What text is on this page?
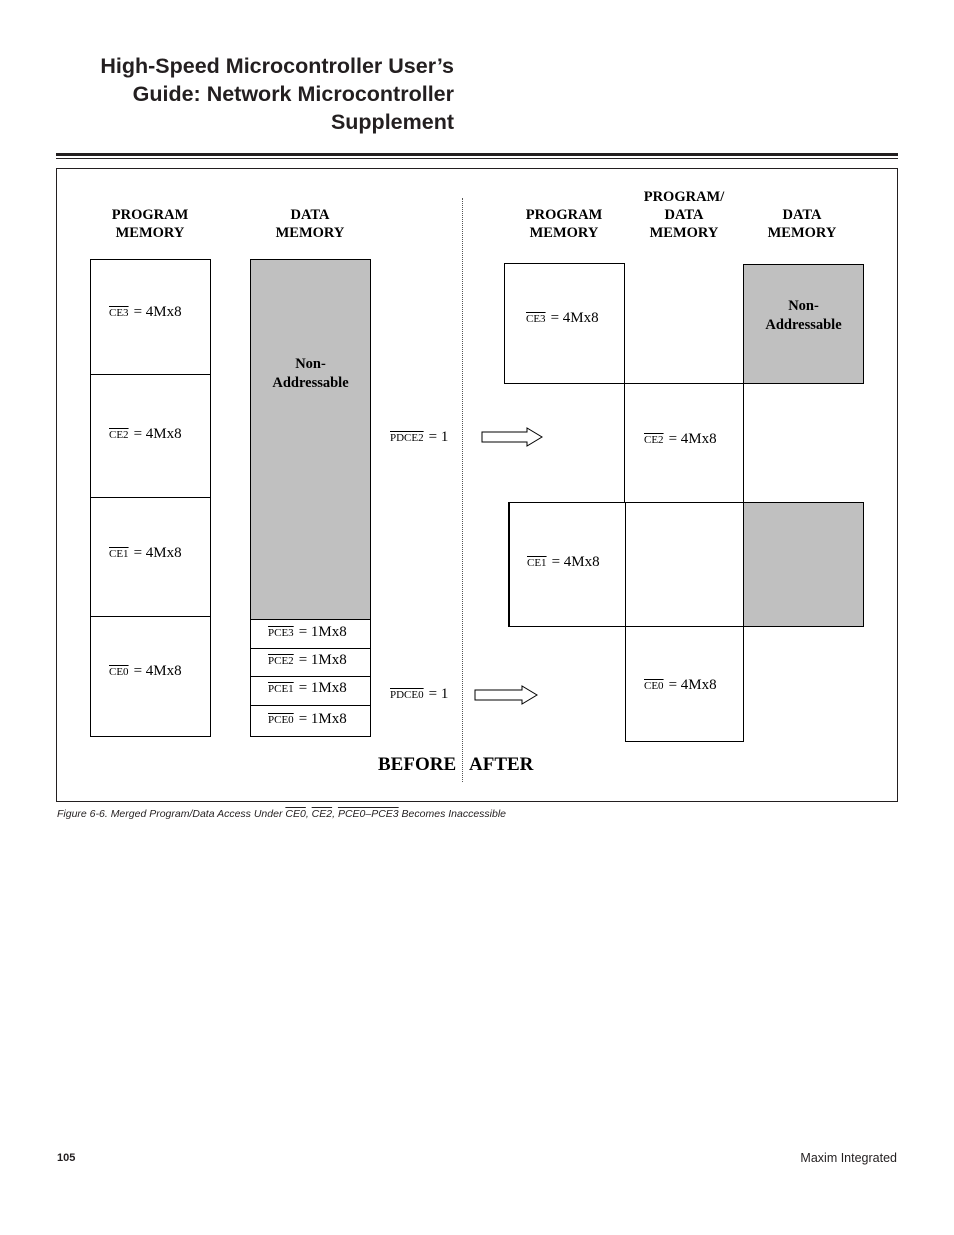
High-Speed Microcontroller User’s
Guide: Network Microcontroller
Supplement
PROGRAM
MEMORY
DATA
MEMORY
CE3 = 4Mx8
CE2 = 4Mx8
CE1 = 4Mx8
CE0 = 4Mx8
Non-
Addressable
PCE3 = 1Mx8
PCE2 = 1Mx8
PCE1 = 1Mx8
PCE0 = 1Mx8
PDCE2 = 1
PDCE0 = 1
PROGRAM
MEMORY
PROGRAM/
DATA
MEMORY
DATA
MEMORY
CE3 = 4Mx8
CE1 = 4Mx8
CE2 = 4Mx8
CE0 = 4Mx8
Non-
Addressable
BEFORE AFTER
Figure 6-6. Merged Program/Data Access Under CE0, CE2, PCE0–PCE3 Becomes Inaccessible
105	Maxim Integrated
